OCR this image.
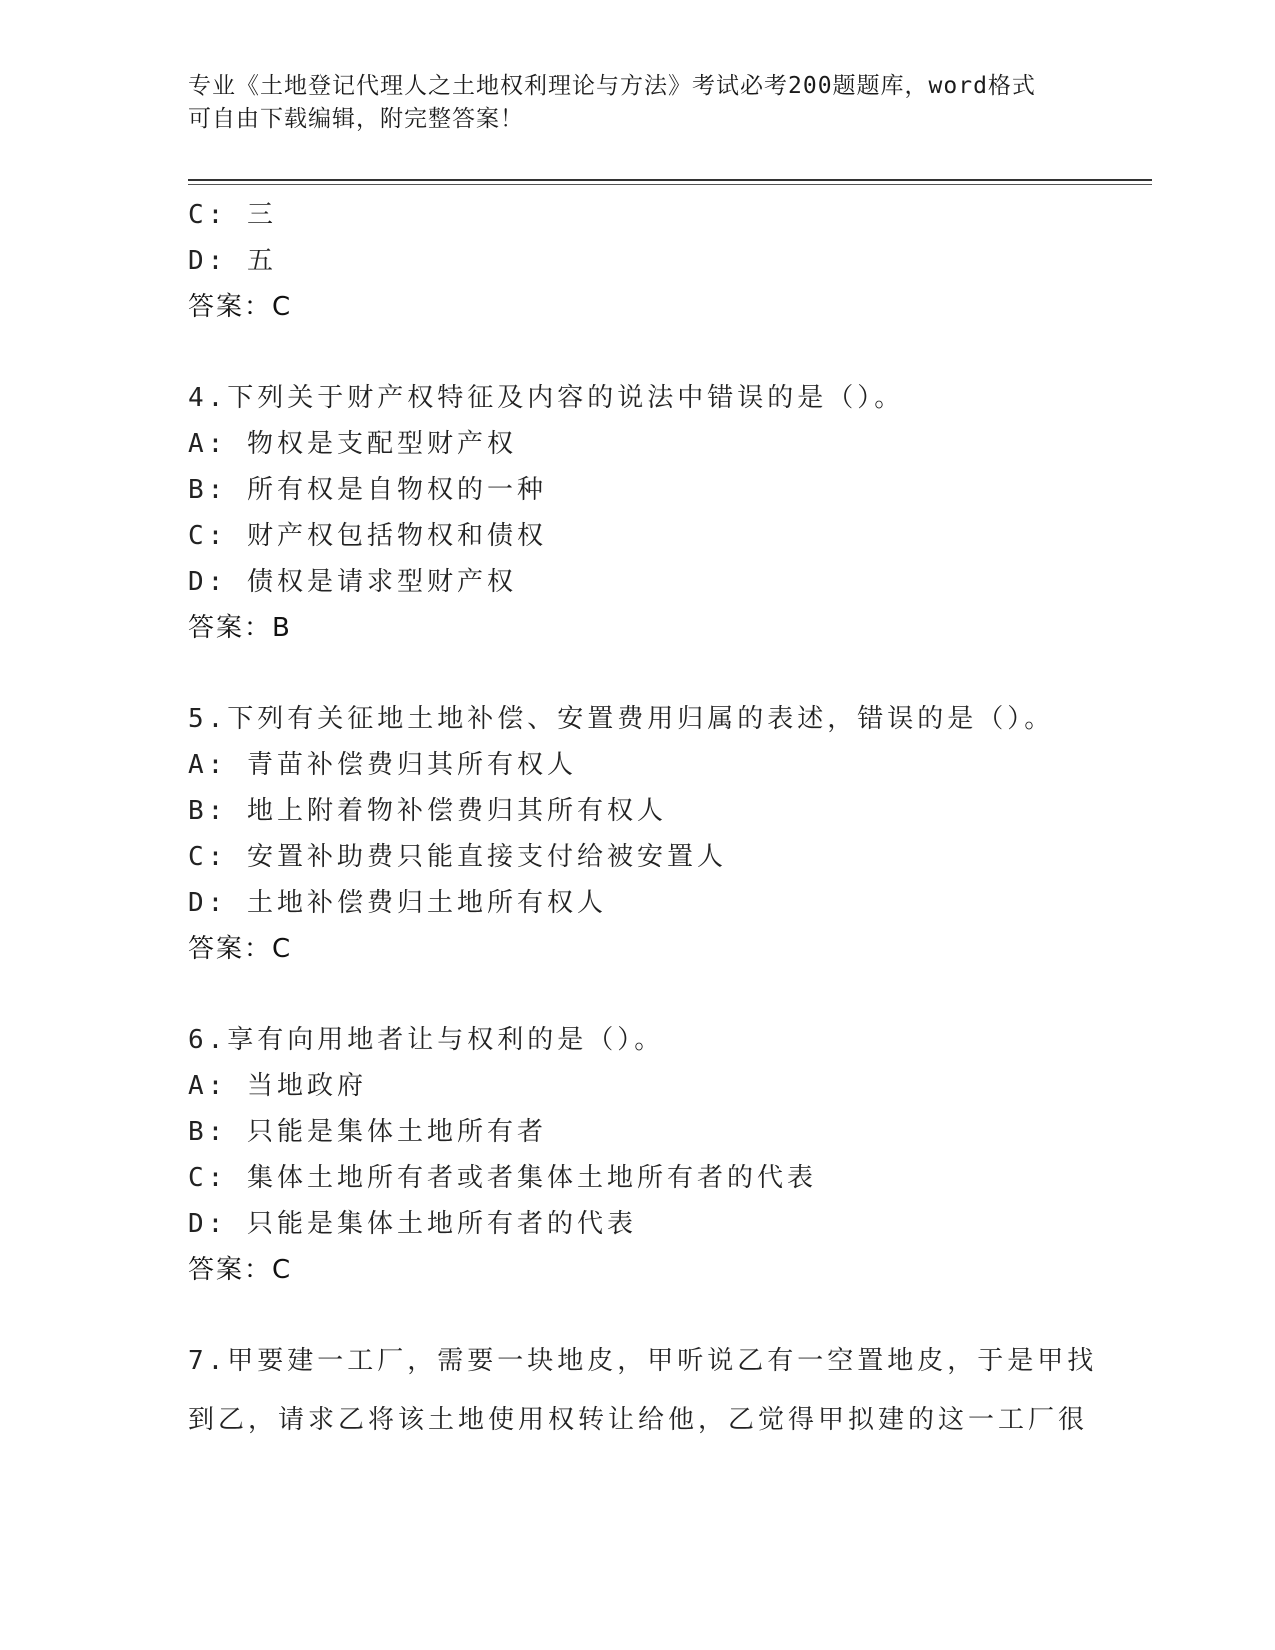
专业《土地登记代理人之土地权利理论与方法》考试必考200题题库，word格式
可自由下载编辑，附完整答案！
C: 三
D: 五
答案：C
4.下列关于财产权特征及内容的说法中错误的是（）。
A: 物权是支配型财产权
B: 所有权是自物权的一种
C: 财产权包括物权和债权
D: 债权是请求型财产权
答案：B
5.下列有关征地土地补偿、安置费用归属的表述，错误的是（）。
A: 青苗补偿费归其所有权人
B: 地上附着物补偿费归其所有权人
C: 安置补助费只能直接支付给被安置人
D: 土地补偿费归土地所有权人
答案：C
6.享有向用地者让与权利的是（）。
A: 当地政府
B: 只能是集体土地所有者
C: 集体土地所有者或者集体土地所有者的代表
D: 只能是集体土地所有者的代表
答案：C
7.甲要建一工厂，需要一块地皮，甲听说乙有一空置地皮，于是甲找
到乙，请求乙将该土地使用权转让给他，乙觉得甲拟建的这一工厂很
